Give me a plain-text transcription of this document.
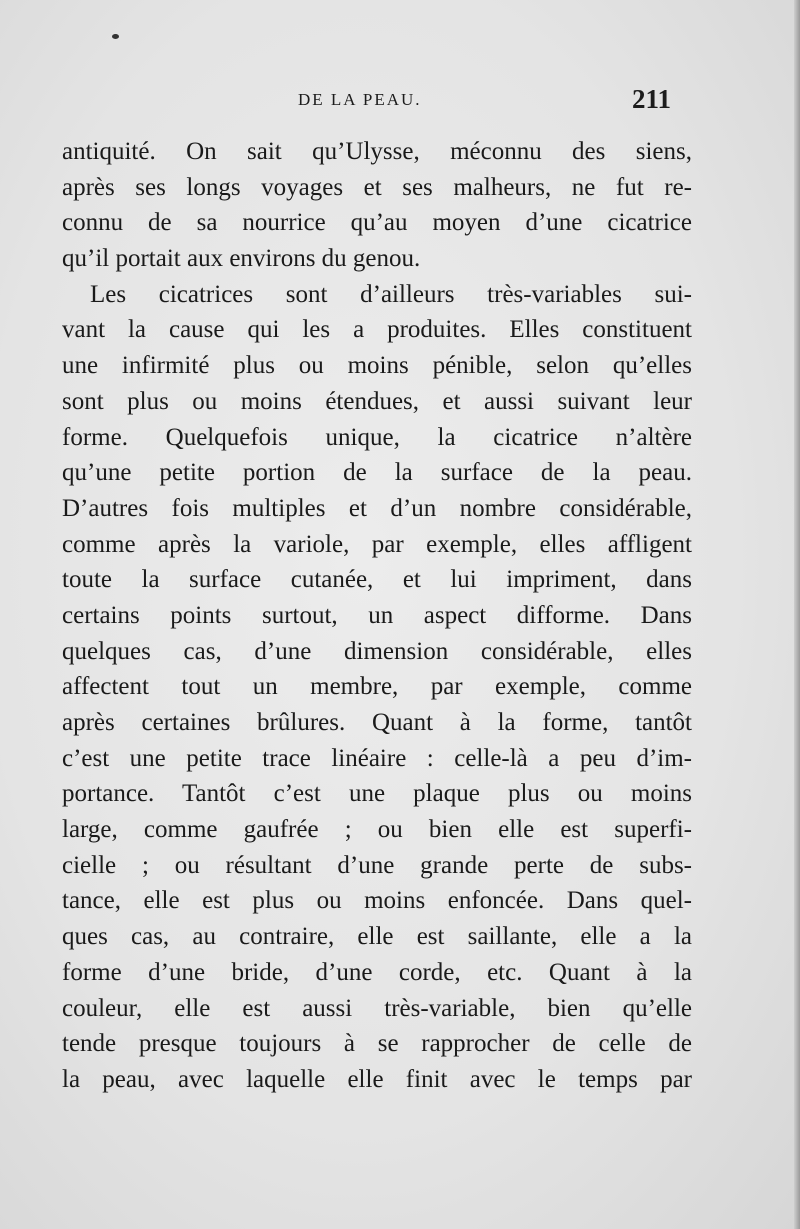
DE LA PEAU.	211
antiquité. On sait qu’Ulysse, méconnu des siens,
après ses longs voyages et ses malheurs, ne fut re-
connu de sa nourrice qu’au moyen d’une cicatrice
qu’il portait aux environs du genou.
Les cicatrices sont d’ailleurs très-variables sui-
vant la cause qui les a produites. Elles constituent
une infirmité plus ou moins pénible, selon qu’elles
sont plus ou moins étendues, et aussi suivant leur
forme. Quelquefois unique, la cicatrice n’altère
qu’une petite portion de la surface de la peau.
D’autres fois multiples et d’un nombre considérable,
comme après la variole, par exemple, elles affligent
toute la surface cutanée, et lui impriment, dans
certains points surtout, un aspect difforme. Dans
quelques cas, d’une dimension considérable, elles
affectent tout un membre, par exemple, comme
après certaines brûlures. Quant à la forme, tantôt
c’est une petite trace linéaire : celle-là a peu d’im-
portance. Tantôt c’est une plaque plus ou moins
large, comme gaufrée ; ou bien elle est superfi-
cielle ; ou résultant d’une grande perte de subs-
tance, elle est plus ou moins enfoncée. Dans quel-
ques cas, au contraire, elle est saillante, elle a la
forme d’une bride, d’une corde, etc. Quant à la
couleur, elle est aussi très-variable, bien qu’elle
tende presque toujours à se rapprocher de celle de
la peau, avec laquelle elle finit avec le temps par
